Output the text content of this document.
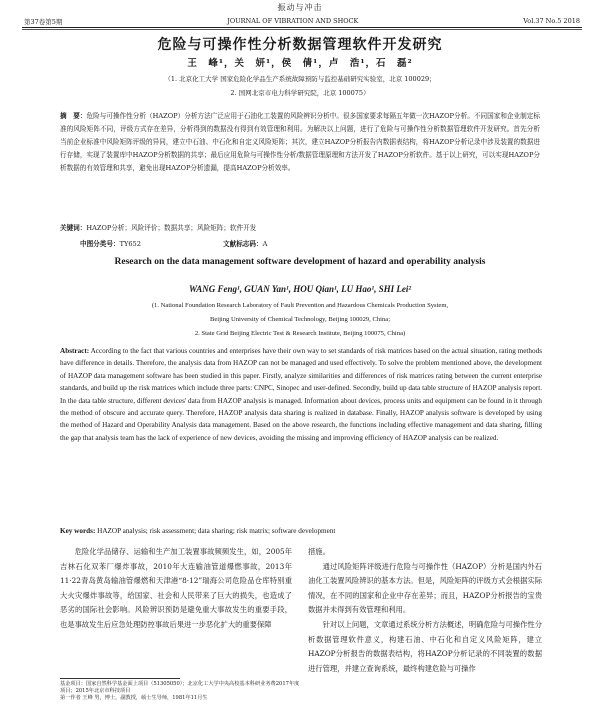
振动与冲击
第37卷第5期	JOURNAL OF VIBRATION AND SHOCK	Vol.37 No.5 2018
危险与可操作性分析数据管理软件开发研究
王　峰¹，关　妍¹，侯　倩¹，卢　浩¹，石　磊²
（1. 北京化工大学 国家危险化学品生产系统故障预防与监控基础研究实验室，北京 100029；
2. 国网北京市电力科学研究院，北京 100075）
摘　要：危险与可操作性分析（HAZOP）分析方法广泛应用于石油化工装置的风险辨识分析中。很多国家要求每隔五年做一次HAZOP分析。不同国家和企业制定标准的风险矩阵不同，评级方式存在差异，分析得到的数据没有得到有效管理和利用。为解决以上问题，进行了危险与可操作性分析数据管理软件开发研究。首先分析当前企业标准中风险矩阵评级的异同，建立中石油、中石化和自定义风险矩阵；其次，建立HAZOP分析报告内数据表结构，将HAZOP分析记录中涉及装置的数据进行存储，实现了装置库中HAZOP分析数据的共享；最后应用危险与可操作性分析/数据管理原理和方法开发了HAZOP分析软件。基于以上研究，可以实现HAZOP分析数据的有效管理和共享，避免出现HAZOP分析遗漏，提高HAZOP分析效率。
关键词：HAZOP分析；风险评价；数据共享；风险矩阵；软件开发
中图分类号：TY652	文献标志码：A
Research on the data management software development of hazard and operability analysis
WANG Feng¹, GUAN Yan¹, HOU Qian¹, LU Hao¹, SHI Lei²
(1. National Foundation Research Laboratory of Fault Prevention and Hazardous Chemicals Production System,
Beijing University of Chemical Technology, Beijing 100029, China;
2. State Grid Beijing Electric Test & Research Institute, Beijing 100075, China)
Abstract: According to the fact that various countries and enterprises have their own way to set standards of risk matrices based on the actual situation, rating methods have difference in details. Therefore, the analysis data from HAZOP can not be managed and used effectively. To solve the problem mentioned above, the development of HAZOP data management software has been studied in this paper. Firstly, analyze similarities and differences of risk matrices rating between the current enterprise standards, and build up the risk matrices which include three parts: CNPC, Sinopec and user-defined. Secondly, build up data table structure of HAZOP analysis report. In the data table structure, different devices' data from HAZOP analysis is managed. Information about devices, process units and equipment can be found in it through the method of obscure and accurate query. Therefore, HAZOP analysis data sharing is realized in database. Finally, HAZOP analysis software is developed by using the method of Hazard and Operability Analysis data management. Based on the above research, the functions including effective management and data sharing, filling the gap that analysis team has the lack of experience of new devices, avoiding the missing and improving efficiency of HAZOP analysis can be realized.
Key words: HAZOP analysis; risk assessment; data sharing; risk matrix; software development

危险化学品储存、运输和生产加工装置事故频频发生，如，2005年吉林石化双苯厂爆炸事故，2010年大连输油管道爆燃事故，2013年11·22青岛黄岛输油管爆燃和天津港“8·12”瑞海公司危险品仓库特别重大火灾爆炸事故等，给国家、社会和人民带来了巨大的损失，也造成了恶劣的国际社会影响。风险辨识预防是避免重大事故发生的重要手段，也是事故发生后应急处理防控事故后果进一步恶化扩大的重要保障

措施。

通过风险矩阵评级进行危险与可操作性（HAZOP）分析是国内外石油化工装置风险辨识的基本方法。但是，风险矩阵的评级方式会根据实际情况，在不同的国家和企业中存在差异；而且，HAZOP分析报告的宝贵数据并未得到有效管理和利用。

针对以上问题，文章通过系统分析方法概述，明确危险与可操作性分析数据管理软件意义，构建石油、中石化和自定义风险矩阵，建立HAZOP分析报告的数据表结构，将HAZOP分析记录的不同装置的数据进行管理，并建立查询系统，最终构建危险与可操作

基金项目：国家自然科学基金面上项目（51305050）；北京化工大学中央高校基本科研业务费2017年度项目；2015年北京市科技项目
第一作者 王峰 男，博士，副教授，硕士生导师，1981年11月生
